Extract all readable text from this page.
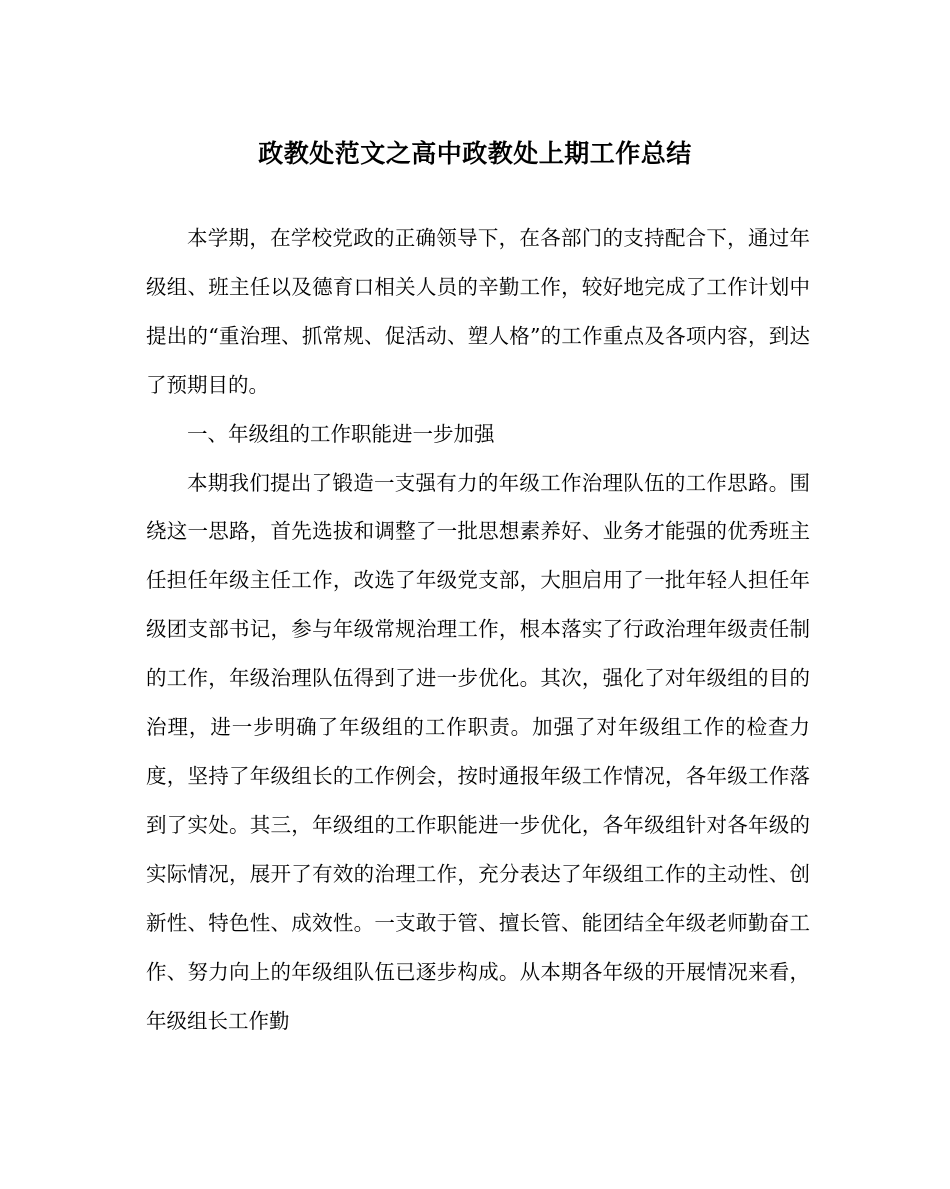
政教处范文之高中政教处上期工作总结

本学期，在学校党政的正确领导下，在各部门的支持配合下，通过年级组、班主任以及德育口相关人员的辛勤工作，较好地完成了工作计划中提出的“重治理、抓常规、促活动、塑人格”的工作重点及各项内容，到达了预期目的。

一、年级组的工作职能进一步加强

本期我们提出了锻造一支强有力的年级工作治理队伍的工作思路。围绕这一思路，首先选拔和调整了一批思想素养好、业务才能强的优秀班主任担任年级主任工作，改选了年级党支部，大胆启用了一批年轻人担任年级团支部书记，参与年级常规治理工作，根本落实了行政治理年级责任制的工作，年级治理队伍得到了进一步优化。其次，强化了对年级组的目的治理，进一步明确了年级组的工作职责。加强了对年级组工作的检查力度，坚持了年级组长的工作例会，按时通报年级工作情况，各年级工作落到了实处。其三，年级组的工作职能进一步优化，各年级组针对各年级的实际情况，展开了有效的治理工作，充分表达了年级组工作的主动性、创新性、特色性、成效性。一支敢于管、擅长管、能团结全年级老师勤奋工作、努力向上的年级组队伍已逐步构成。从本期各年级的开展情况来看，年级组长工作勤
